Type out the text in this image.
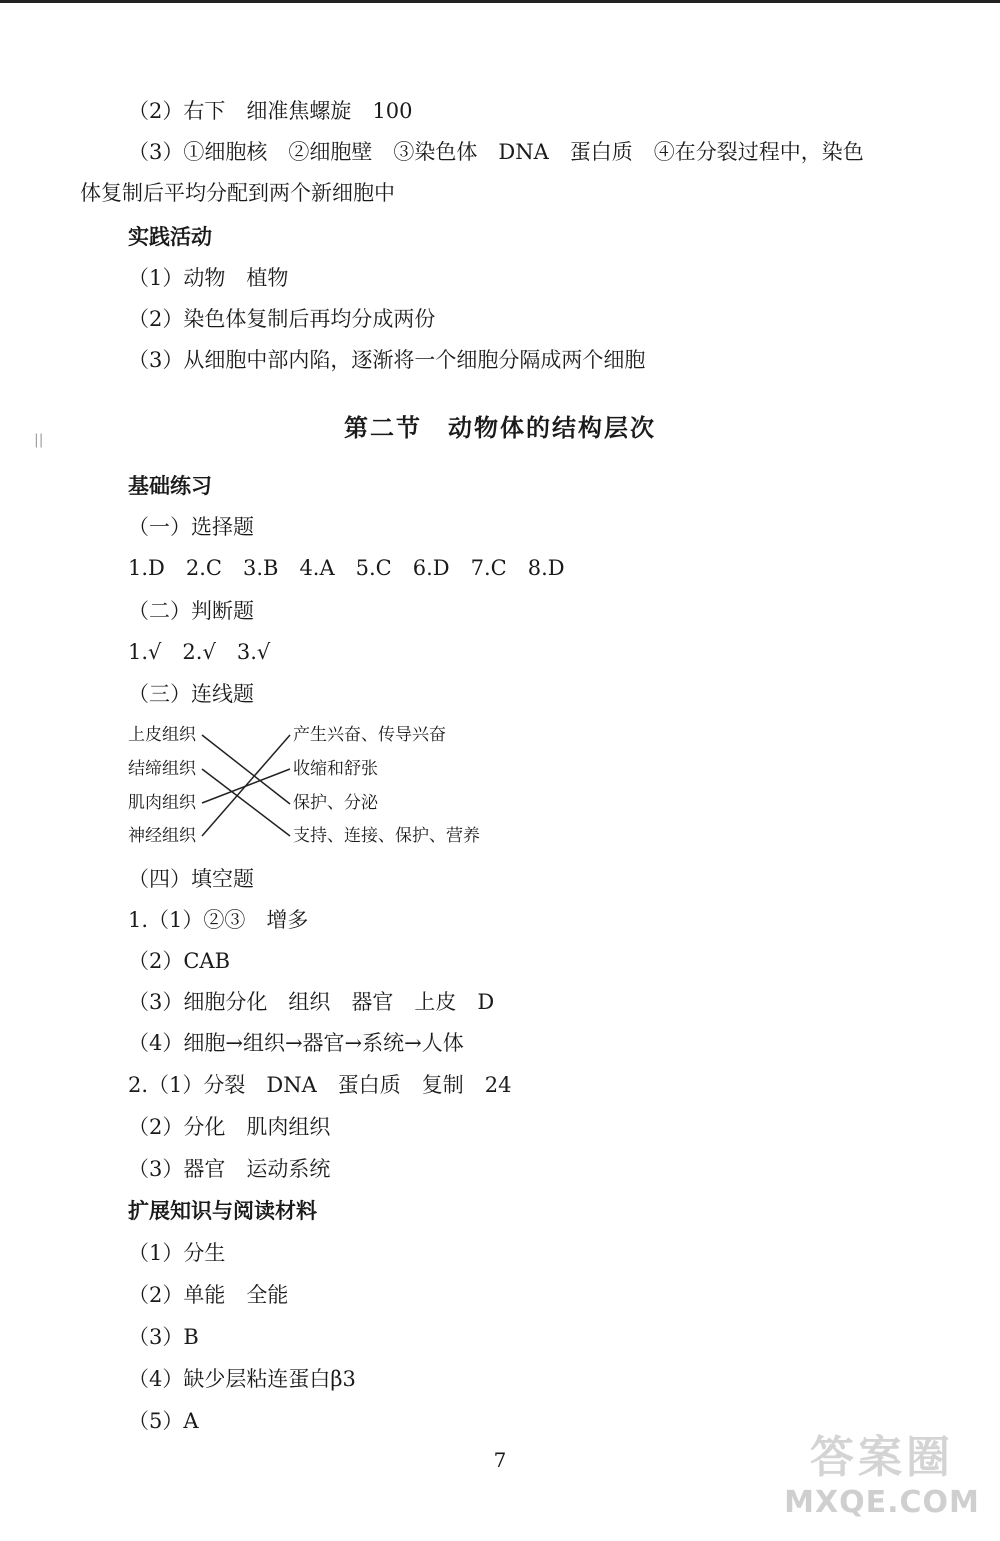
（2）右下　细准焦螺旋　100
（3）①细胞核　②细胞壁　③染色体　DNA　蛋白质　④在分裂过程中，染色
体复制后平均分配到两个新细胞中
实践活动
（1）动物　植物
（2）染色体复制后再均分成两份
（3）从细胞中部内陷，逐渐将一个细胞分隔成两个细胞
第二节　动物体的结构层次
||
基础练习
（一）选择题
1.D　2.C　3.B　4.A　5.C　6.D　7.C　8.D
（二）判断题
1.√　2.√　3.√
（三）连线题
上皮组织
结缔组织
肌肉组织
神经组织
产生兴奋、传导兴奋
收缩和舒张
保护、分泌
支持、连接、保护、营养
（四）填空题
1.（1）②③　增多
（2）CAB
（3）细胞分化　组织　器官　上皮　D
（4）细胞→组织→器官→系统→人体
2.（1）分裂　DNA　蛋白质　复制　24
（2）分化　肌肉组织
（3）器官　运动系统
扩展知识与阅读材料
（1）分生
（2）单能　全能
（3）B
（4）缺少层粘连蛋白β3
（5）A
7	答案圈
MXQE.COM
